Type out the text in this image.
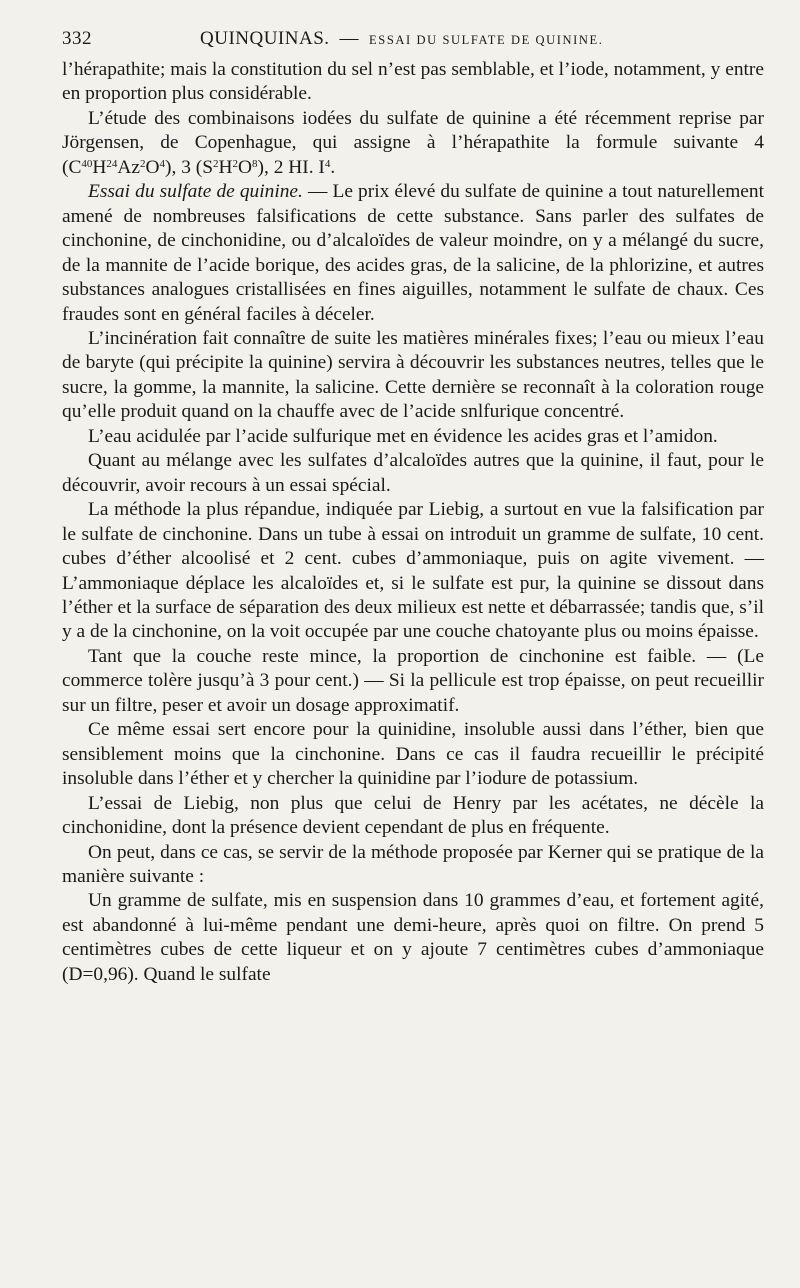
332	QUINQUINAS. — ESSAI DU SULFATE DE QUININE.

l’hérapathite; mais la constitution du sel n’est pas semblable, et l’iode, notamment, y entre en proportion plus considérable.

L’étude des combinaisons iodées du sulfate de quinine a été récemment reprise par Jörgensen, de Copenhague, qui assigne à l’hérapathite la formule suivante 4 $(C^{40}H^{24}Az^2O^4)$, 3 $(S^2H^2O^8)$, 2 HI. $I^4$.

Essai du sulfate de quinine. — Le prix élevé du sulfate de quinine a tout naturellement amené de nombreuses falsifications de cette substance. Sans parler des sulfates de cinchonine, de cinchonidine, ou d’alcaloïdes de valeur moindre, on y a mélangé du sucre, de la mannite de l’acide borique, des acides gras, de la salicine, de la phlorizine, et autres substances analogues cristallisées en fines aiguilles, notamment le sulfate de chaux. Ces fraudes sont en général faciles à déceler.

L’incinération fait connaître de suite les matières minérales fixes; l’eau ou mieux l’eau de baryte (qui précipite la quinine) servira à découvrir les substances neutres, telles que le sucre, la gomme, la mannite, la salicine. Cette dernière se reconnaît à la coloration rouge qu’elle produit quand on la chauffe avec de l’acide snlfurique concentré.

L’eau acidulée par l’acide sulfurique met en évidence les acides gras et l’amidon.

Quant au mélange avec les sulfates d’alcaloïdes autres que la quinine, il faut, pour le découvrir, avoir recours à un essai spécial.

La méthode la plus répandue, indiquée par Liebig, a surtout en vue la falsification par le sulfate de cinchonine. Dans un tube à essai on introduit un gramme de sulfate, 10 cent. cubes d’éther alcoolisé et 2 cent. cubes d’ammoniaque, puis on agite vivement. — L’ammoniaque déplace les alcaloïdes et, si le sulfate est pur, la quinine se dissout dans l’éther et la surface de séparation des deux milieux est nette et débarrassée; tandis que, s’il y a de la cinchonine, on la voit occupée par une couche chatoyante plus ou moins épaisse.

Tant que la couche reste mince, la proportion de cinchonine est faible. — (Le commerce tolère jusqu’à 3 pour cent.) — Si la pellicule est trop épaisse, on peut recueillir sur un filtre, peser et avoir un dosage approximatif.

Ce même essai sert encore pour la quinidine, insoluble aussi dans l’éther, bien que sensiblement moins que la cinchonine. Dans ce cas il faudra recueillir le précipité insoluble dans l’éther et y chercher la quinidine par l’iodure de potassium.

L’essai de Liebig, non plus que celui de Henry par les acétates, ne décèle la cinchonidine, dont la présence devient cependant de plus en fréquente.

On peut, dans ce cas, se servir de la méthode proposée par Kerner qui se pratique de la manière suivante :

Un gramme de sulfate, mis en suspension dans 10 grammes d’eau, et fortement agité, est abandonné à lui-même pendant une demi-heure, après quoi on filtre. On prend 5 centimètres cubes de cette liqueur et on y ajoute 7 centimètres cubes d’ammoniaque (D=0,96). Quand le sulfate
